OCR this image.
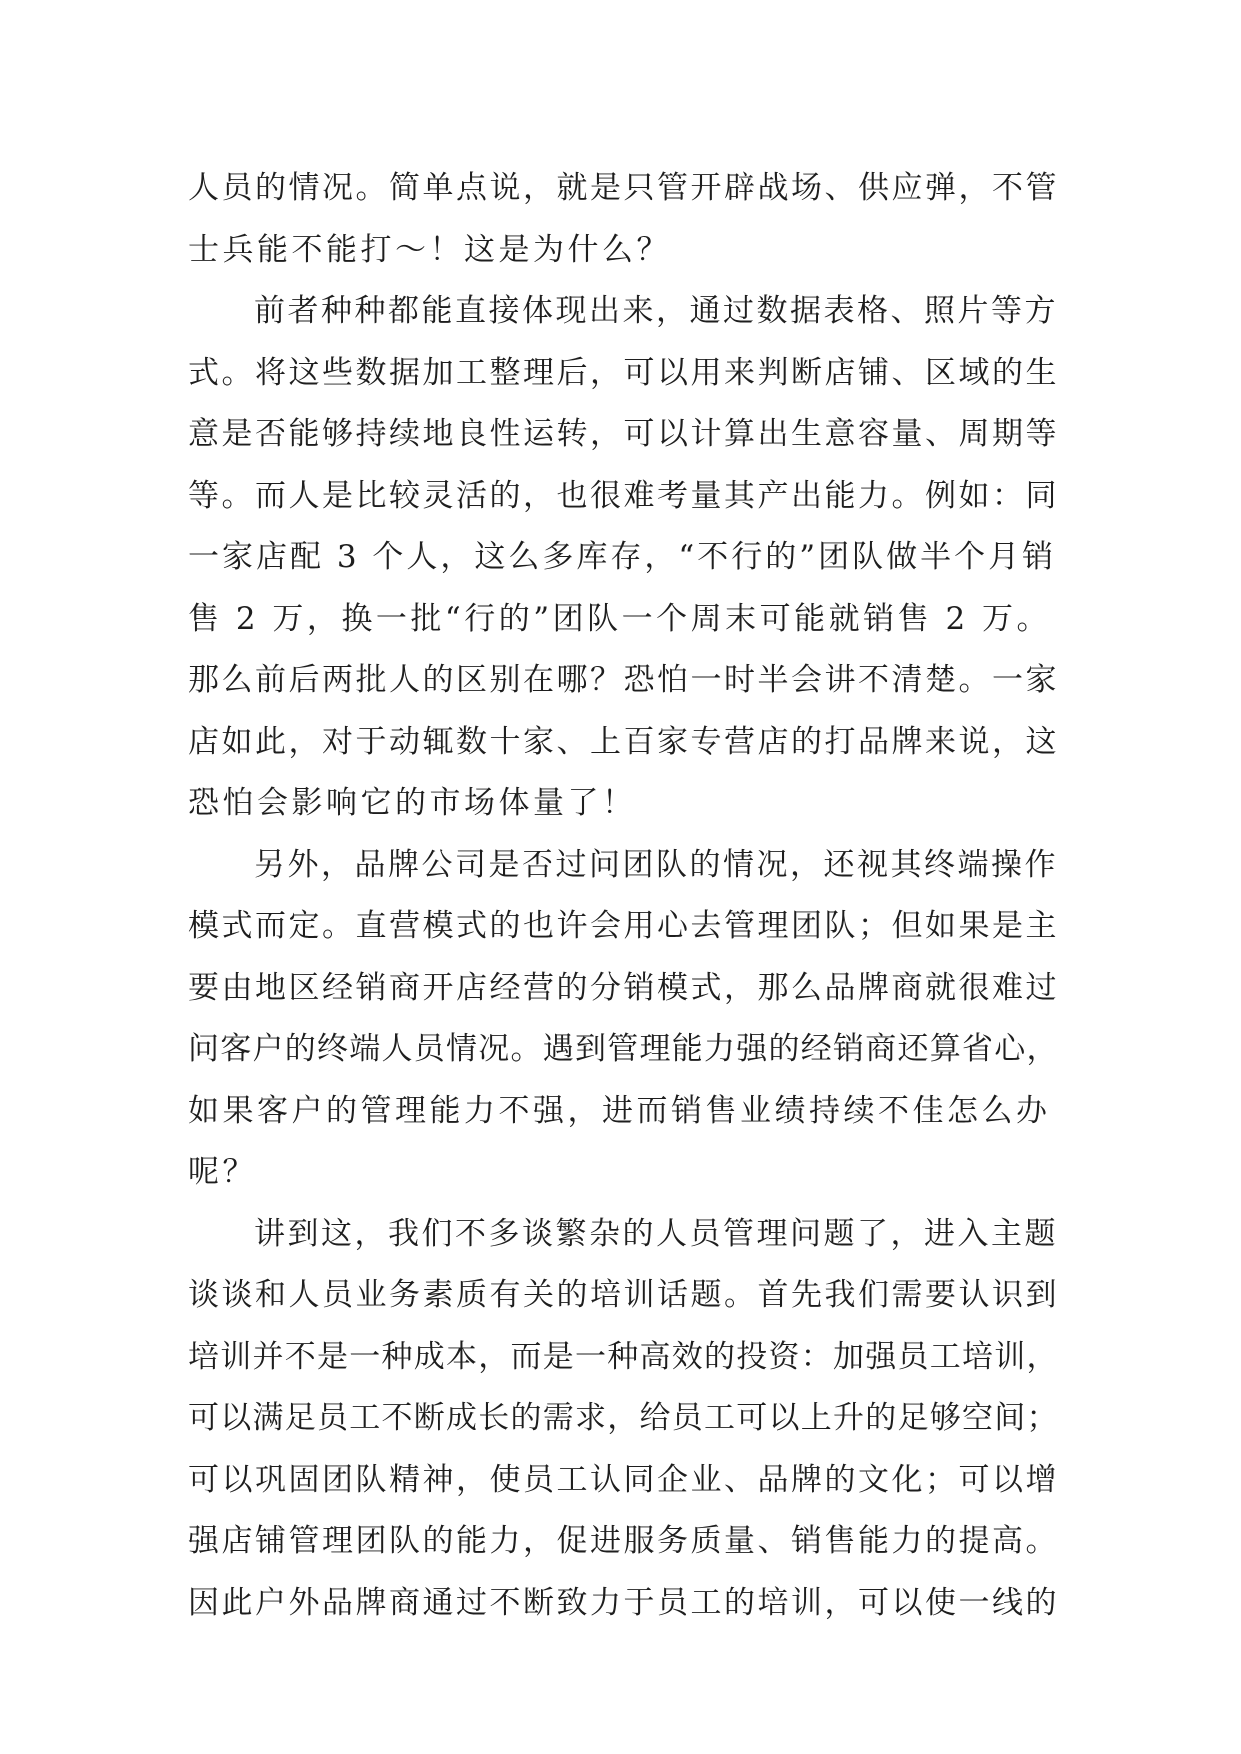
人员的情况。简单点说，就是只管开辟战场、供应弹，不管
士兵能不能打～！这是为什么？
前者种种都能直接体现出来，通过数据表格、照片等方
式。将这些数据加工整理后，可以用来判断店铺、区域的生
意是否能够持续地良性运转，可以计算出生意容量、周期等
等。而人是比较灵活的，也很难考量其产出能力。例如：同
一家店配 3 个人，这么多库存，“不行的”团队做半个月销
售 2 万，换一批“行的”团队一个周末可能就销售 2 万。
那么前后两批人的区别在哪？恐怕一时半会讲不清楚。一家
店如此，对于动辄数十家、上百家专营店的打品牌来说，这
恐怕会影响它的市场体量了！
另外，品牌公司是否过问团队的情况，还视其终端操作
模式而定。直营模式的也许会用心去管理团队；但如果是主
要由地区经销商开店经营的分销模式，那么品牌商就很难过
问客户的终端人员情况。遇到管理能力强的经销商还算省心，
如果客户的管理能力不强，进而销售业绩持续不佳怎么办
呢？
讲到这，我们不多谈繁杂的人员管理问题了，进入主题
谈谈和人员业务素质有关的培训话题。首先我们需要认识到
培训并不是一种成本，而是一种高效的投资：加强员工培训，
可以满足员工不断成长的需求，给员工可以上升的足够空间；
可以巩固团队精神，使员工认同企业、品牌的文化；可以增
强店铺管理团队的能力，促进服务质量、销售能力的提高。
因此户外品牌商通过不断致力于员工的培训，可以使一线的
